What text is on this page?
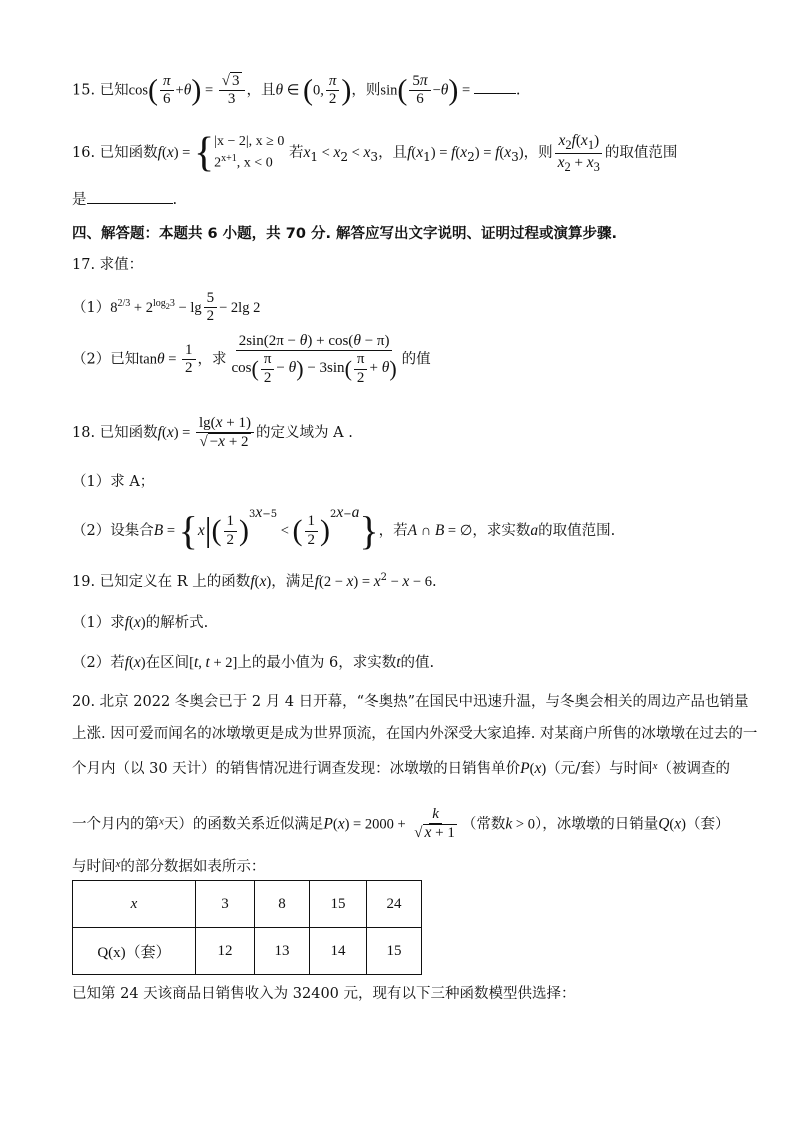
15. 已知$\cos( \frac{\pi}{6} +\theta) = \frac{√ 3}{3}$ ，且θ ∈ (0, $\frac{\pi}{2}$ )，则$\sin( \frac{5\pi}{6} -\theta)$ =	.
16. 已知函数f(x) = { |x − 2|, x ≥ 0
$2^{x+1}$, x < 0
若$x_1 < x_2 < x_3$，且$f(x_1) = f(x_2) = f(x_3)$，则 $\frac{x_2f(x_1)}{x_2 + x_3}$ 的取值范围
是	.
四、解答题：本题共 6 小题，共 70 分. 解答应写出文字说明、证明过程或演算步骤.
17. 求值：
$(1)8^{2/3} + 2^{log_23} - \lg \frac{5}{2} - 2\lg$ 2
（2）已知$\tan\theta = \frac{1}{2}$ ，求 $\frac{2\sin(2\pi - \theta) + \cos(\theta - \pi)}{\cos( \frac{\pi}{2} - \theta) - 3\sin( \frac{\pi}{2} + \theta)}$ 的值
18. 已知函数$f(x) = \frac{\lg(x + 1)}{√ -x + 2}$ 的定义域为 A .
（1）求 A；
（2）设集合$B = \{x|( \frac{1}{2} )^{3x-5}$ < ( $\frac{1}{2} )^{2x-a}$}，若A ∩ B = ∅，求实数a的取值范围.
19. 已知定义在 R 上的函数f(x)，满足$f(2 - x) = x^2 - x - 6$.
（1）求f(x)的解析式.
（2）若f(x)在区间[t, t + 2]上的最小值为 6，求实数t的值.
20. 北京 2022 冬奥会已于 2 月 4 日开幕，“冬奥热”在国民中迅速升温，与冬奥会相关的周边产品也销量
上涨. 因可爱而闻名的冰墩墩更是成为世界顶流，在国内外深受大家追捧. 对某商户所售的冰墩墩在过去的一
个月内（以 30 天计）的销售情况进行调查发现：冰墩墩的日销售单价P(x)（元/套）与时间$^x$（被调查的
一个月内的第$^x$天）的函数关系近似满足$P(x) = 2000 + \frac{k}{√ x + 1}$ （常数k > 0），冰墩墩的日销量Q(x)（套）
与时间$^x$的部分数据如表所示：
x	3	8	15	24
Q(x)（套）	12	13	14	15
已知第 24 天该商品日销售收入为 32400 元，现有以下三种函数模型供选择：
